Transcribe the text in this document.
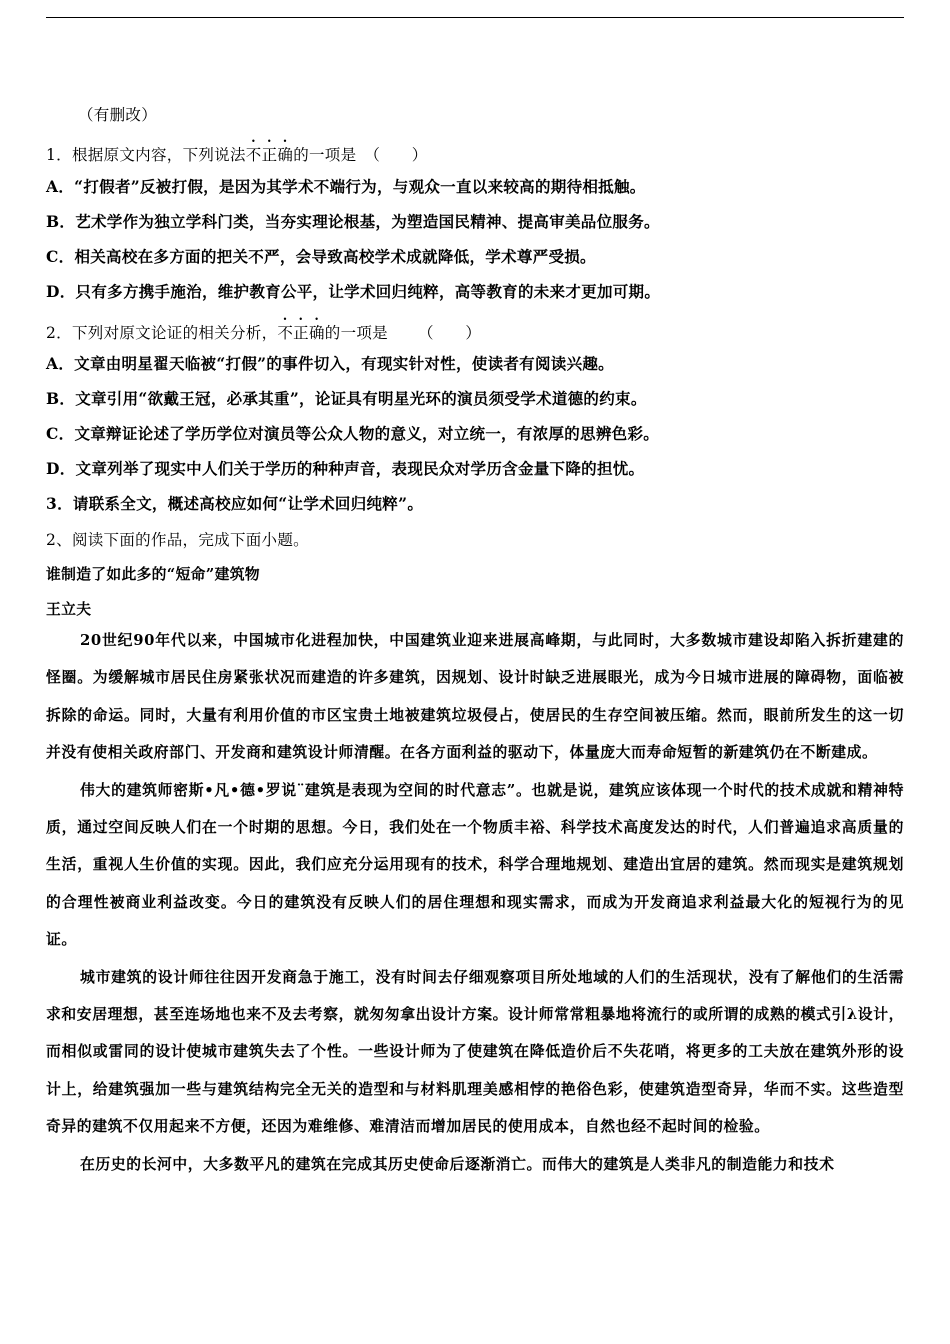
（有删改）
1．根据原文内容，下列说法不正确的一项是 （　　）
A．“打假者”反被打假，是因为其学术不端行为，与观众一直以来较高的期待相抵触。
B．艺术学作为独立学科门类，当夯实理论根基，为塑造国民精神、提高审美品位服务。
C．相关高校在多方面的把关不严，会导致高校学术成就降低，学术尊严受损。
D．只有多方携手施治，维护教育公平，让学术回归纯粹，高等教育的未来才更加可期。
2．下列对原文论证的相关分析，不正确的一项是 （　　）
A．文章由明星翟天临被“打假”的事件切入，有现实针对性，使读者有阅读兴趣。
B．文章引用“欲戴王冠，必承其重”，论证具有明星光环的演员须受学术道德的约束。
C．文章辩证论述了学历学位对演员等公众人物的意义，对立统一，有浓厚的思辨色彩。
D．文章列举了现实中人们关于学历的种种声音，表现民众对学历含金量下降的担忧。
3．请联系全文，概述高校应如何“让学术回归纯粹”。
2、阅读下面的作品，完成下面小题。
谁制造了如此多的“短命”建筑物
王立夫

20世纪90年代以来，中国城市化进程加快，中国建筑业迎来进展高峰期，与此同时，大多数城市建设却陷入拆折建建的怪圈。为缓解城市居民住房紧张状况而建造的许多建筑，因规划、设计时缺乏进展眼光，成为今日城市进展的障碍物，面临被拆除的命运。同时，大量有利用价值的市区宝贵土地被建筑垃圾侵占，使居民的生存空间被压缩。然而，眼前所发生的这一切并没有使相关政府部门、开发商和建筑设计师清醒。在各方面利益的驱动下，体量庞大而寿命短暂的新建筑仍在不断建成。

伟大的建筑师密斯•凡•德•罗说¨建筑是表现为空间的时代意志”。也就是说，建筑应该体现一个时代的技术成就和精神特质，通过空间反映人们在一个时期的思想。今日，我们处在一个物质丰裕、科学技术高度发达的时代，人们普遍追求高质量的生活，重视人生价值的实现。因此，我们应充分运用现有的技术，科学合理地规划、建造出宜居的建筑。然而现实是建筑规划的合理性被商业利益改变。今日的建筑没有反映人们的居住理想和现实需求，而成为开发商追求利益最大化的短视行为的见证。

城市建筑的设计师往往因开发商急于施工，没有时间去仔细观察项目所处地域的人们的生活现状，没有了解他们的生活需求和安居理想，甚至连场地也来不及去考察，就匆匆拿出设计方案。设计师常常粗暴地将流行的或所谓的成熟的模式引λ设计，而相似或雷同的设计使城市建筑失去了个性。一些设计师为了使建筑在降低造价后不失花哨，将更多的工夫放在建筑外形的设计上，给建筑强加一些与建筑结构完全无关的造型和与材料肌理美感相悖的艳俗色彩，使建筑造型奇异，华而不实。这些造型奇异的建筑不仅用起来不方便，还因为难维修、难清洁而增加居民的使用成本，自然也经不起时间的检验。

在历史的长河中，大多数平凡的建筑在完成其历史使命后逐渐消亡。而伟大的建筑是人类非凡的制造能力和技术
